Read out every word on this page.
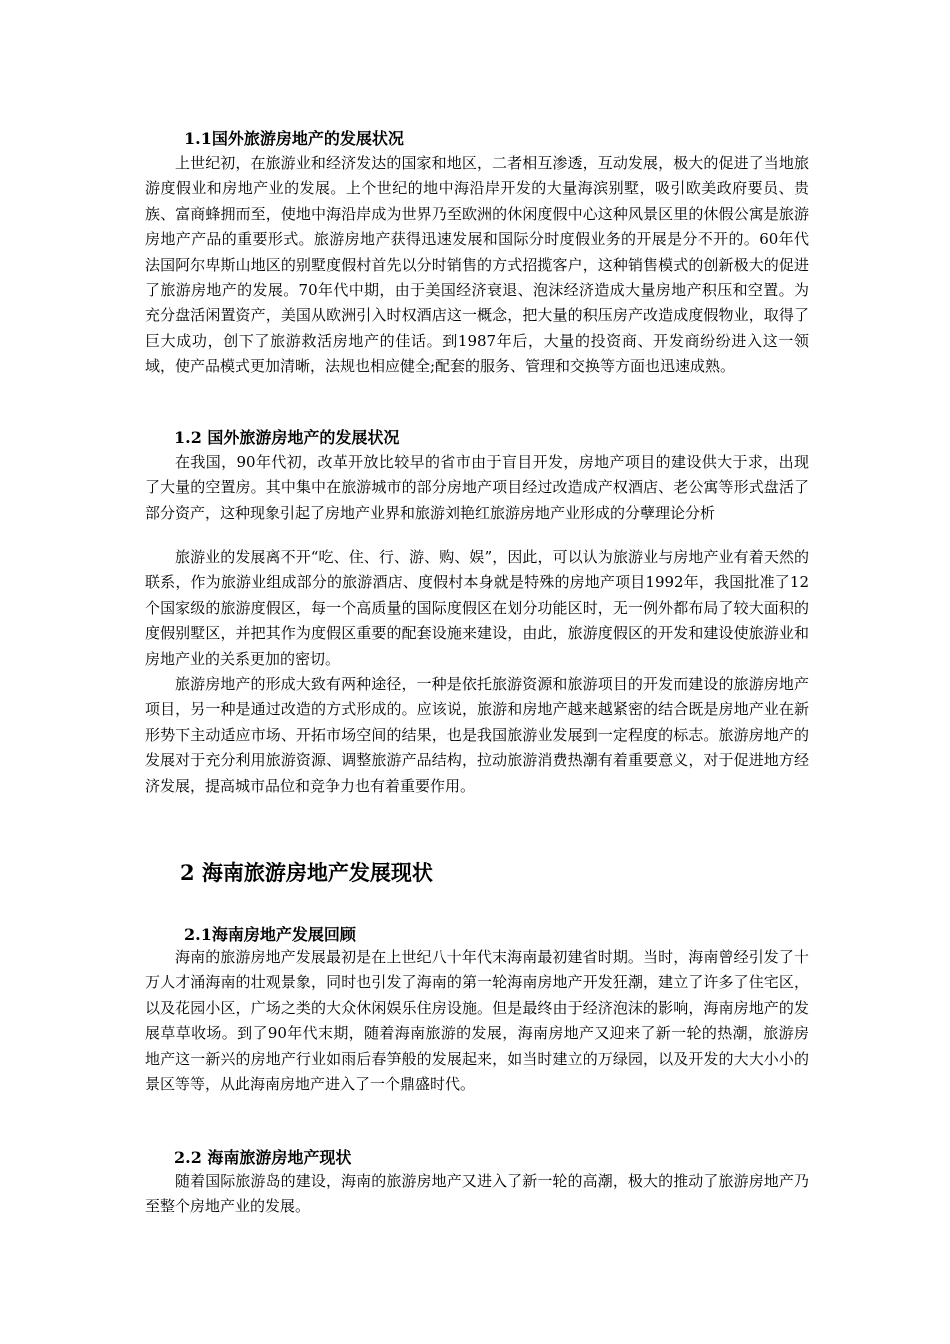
1.1国外旅游房地产的发展状况

上世纪初，在旅游业和经济发达的国家和地区，二者相互渗透，互动发展，极大的促进了当地旅游度假业和房地产业的发展。上个世纪的地中海沿岸开发的大量海滨别墅，吸引欧美政府要员、贵族、富商蜂拥而至，使地中海沿岸成为世界乃至欧洲的休闲度假中心这种风景区里的休假公寓是旅游房地产产品的重要形式。旅游房地产获得迅速发展和国际分时度假业务的开展是分不开的。60年代法国阿尔卑斯山地区的别墅度假村首先以分时销售的方式招揽客户，这种销售模式的创新极大的促进了旅游房地产的发展。70年代中期，由于美国经济衰退、泡沫经济造成大量房地产积压和空置。为充分盘活闲置资产，美国从欧洲引入时权酒店这一概念，把大量的积压房产改造成度假物业，取得了巨大成功，创下了旅游救活房地产的佳话。到1987年后，大量的投资商、开发商纷纷进入这一领域，使产品模式更加清晰，法规也相应健全;配套的服务、管理和交换等方面也迅速成熟。

1.2 国外旅游房地产的发展状况

在我国，90年代初，改革开放比较早的省市由于盲目开发，房地产项目的建设供大于求，出现了大量的空置房。其中集中在旅游城市的部分房地产项目经过改造成产权酒店、老公寓等形式盘活了部分资产，这种现象引起了房地产业界和旅游刘艳红旅游房地产业形成的分孽理论分析

旅游业的发展离不开“吃、住、行、游、购、娱”，因此，可以认为旅游业与房地产业有着天然的联系，作为旅游业组成部分的旅游酒店、度假村本身就是特殊的房地产项目1992年，我国批准了12个国家级的旅游度假区，每一个高质量的国际度假区在划分功能区时，无一例外都布局了较大面积的度假别墅区，并把其作为度假区重要的配套设施来建设，由此，旅游度假区的开发和建设使旅游业和房地产业的关系更加的密切。

旅游房地产的形成大致有两种途径，一种是依托旅游资源和旅游项目的开发而建设的旅游房地产项目，另一种是通过改造的方式形成的。应该说，旅游和房地产越来越紧密的结合既是房地产业在新形势下主动适应市场、开拓市场空间的结果，也是我国旅游业发展到一定程度的标志。旅游房地产的发展对于充分利用旅游资源、调整旅游产品结构，拉动旅游消费热潮有着重要意义，对于促进地方经济发展，提高城市品位和竞争力也有着重要作用。

2 海南旅游房地产发展现状
2.1海南房地产发展回顾

海南的旅游房地产发展最初是在上世纪八十年代末海南最初建省时期。当时，海南曾经引发了十万人才涌海南的壮观景象，同时也引发了海南的第一轮海南房地产开发狂潮，建立了许多了住宅区，以及花园小区，广场之类的大众休闲娱乐住房设施。但是最终由于经济泡沫的影响，海南房地产的发展草草收场。到了90年代末期，随着海南旅游的发展，海南房地产又迎来了新一轮的热潮，旅游房地产这一新兴的房地产行业如雨后春笋般的发展起来，如当时建立的万绿园，以及开发的大大小小的景区等等，从此海南房地产进入了一个鼎盛时代。

2.2 海南旅游房地产现状

随着国际旅游岛的建设，海南的旅游房地产又进入了新一轮的高潮，极大的推动了旅游房地产乃至整个房地产业的发展。
